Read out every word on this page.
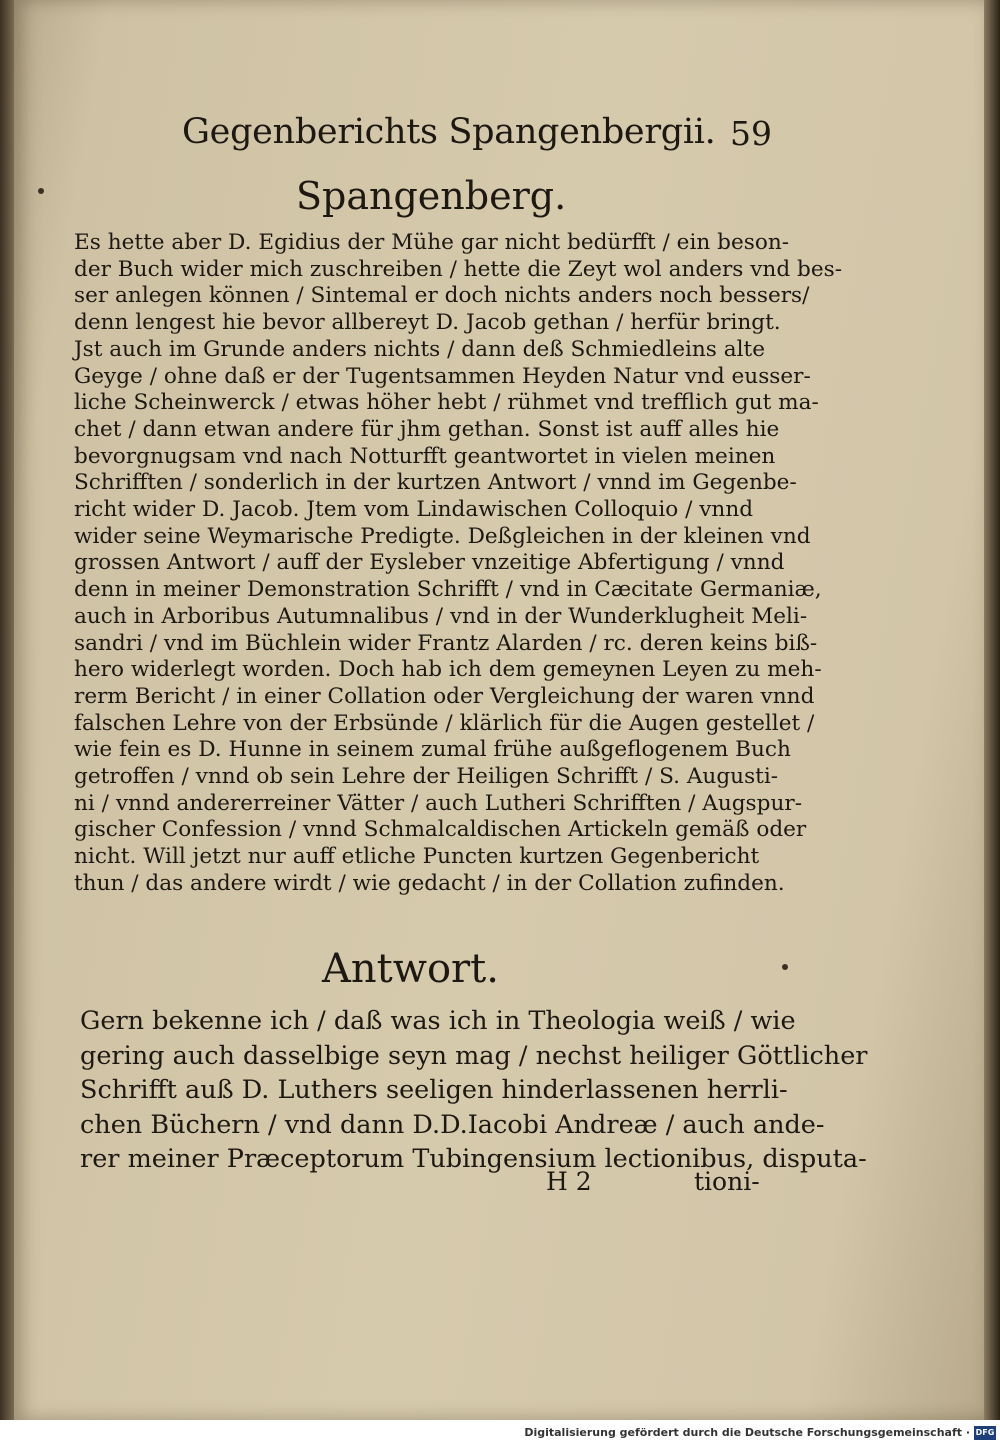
Gegenberichts Spangenbergii. 59
Spangenberg.
Es hette aber D. Egidius der Mühe gar nicht bedürfft / ein beson-
der Buch wider mich zuschreiben / hette die Zeyt wol anders vnd bes-
ser anlegen können / Sintemal er doch nichts anders noch bessers/
denn lengest hie bevor allbereyt D. Jacob gethan / herfür bringt.
Jst auch im Grunde anders nichts / dann deß Schmiedleins alte
Geyge / ohne daß er der Tugentsammen Heyden Natur vnd eusser-
liche Scheinwerck / etwas höher hebt / rühmet vnd trefflich gut ma-
chet / dann etwan andere für jhm gethan. Sonst ist auff alles hie
bevorgnugsam vnd nach Notturfft geantwortet in vielen meinen
Schrifften / sonderlich in der kurtzen Antwort / vnnd im Gegenbe-
richt wider D. Jacob. Jtem vom Lindawischen Colloquio / vnnd
wider seine Weymarische Predigte. Deßgleichen in der kleinen vnd
grossen Antwort / auff der Eysleber vnzeitige Abfertigung / vnnd
denn in meiner Demonstration Schrifft / vnd in Cæcitate Germaniæ,
auch in Arboribus Autumnalibus / vnd in der Wunderklugheit Meli-
sandri / vnd im Büchlein wider Frantz Alarden / rc. deren keins biß-
hero widerlegt worden. Doch hab ich dem gemeynen Leyen zu meh-
rerm Bericht / in einer Collation oder Vergleichung der waren vnnd
falschen Lehre von der Erbsünde / klärlich für die Augen gestellet /
wie fein es D. Hunne in seinem zumal frühe außgeflogenem Buch
getroffen / vnnd ob sein Lehre der Heiligen Schrifft / S. Augusti-
ni / vnnd andererreiner Vätter / auch Lutheri Schrifften / Augspur-
gischer Confession / vnnd Schmalcaldischen Artickeln gemäß oder
nicht. Will jetzt nur auff etliche Puncten kurtzen Gegenbericht
thun / das andere wirdt / wie gedacht / in der Collation zufinden.
Antwort.
Gern bekenne ich / daß was ich in Theologia weiß / wie
gering auch dasselbige seyn mag / nechst heiliger Göttlicher
Schrifft auß D. Luthers seeligen hinderlassenen herrli-
chen Büchern / vnd dann D.D.Iacobi Andreæ / auch ande-
rer meiner Præceptorum Tubingensium lectionibus, disputa-
H 2	tioni-
Digitalisierung gefördert durch die Deutsche Forschungsgemeinschaft · DFG
